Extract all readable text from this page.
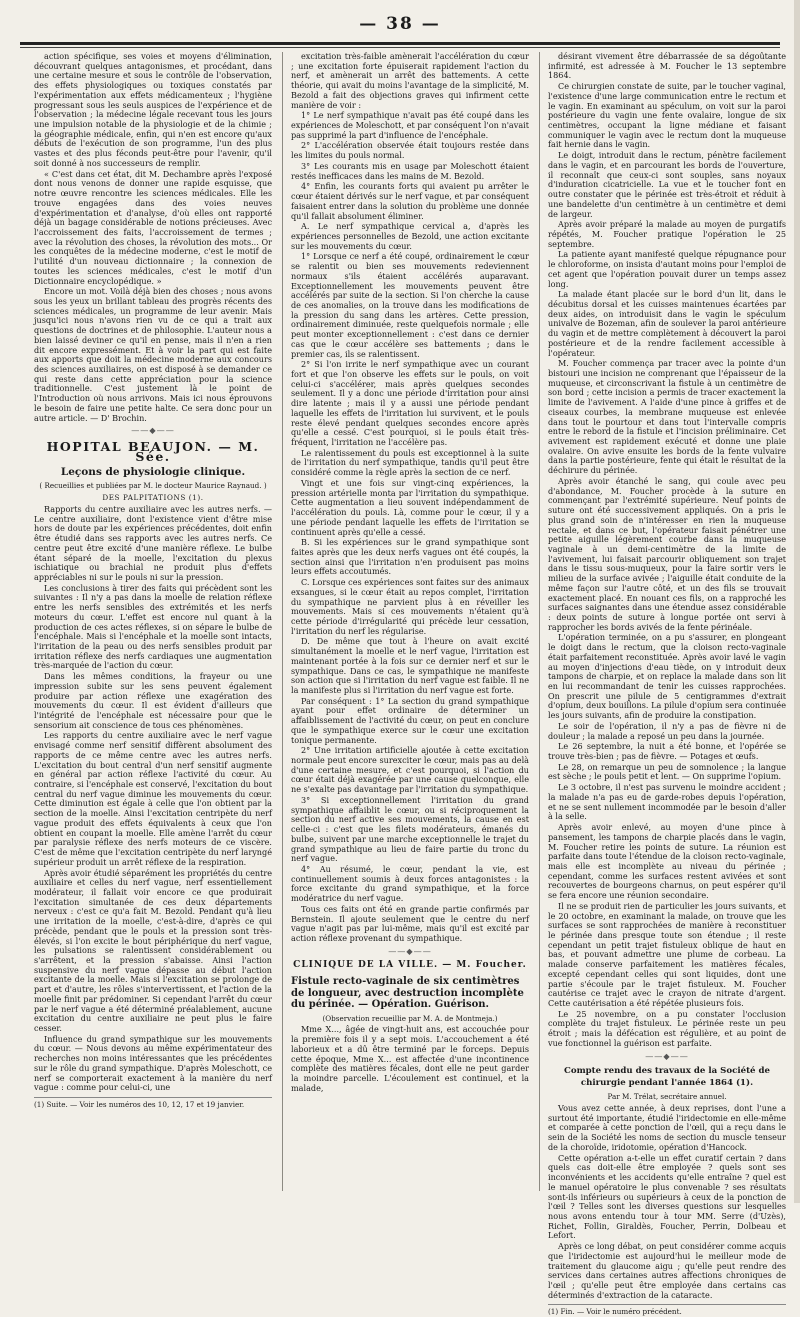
— 38 —

action spécifique, ses voies et moyens d'élimination, découvrant quelques antagonismes, et procédant, dans une certaine mesure et sous le contrôle de l'observation, des effets physiologiques ou toxiques constatés par l'expérimentation aux effets médicamenteux ; l'hygiène progressant sous les seuls auspices de l'expérience et de l'observation ; la médecine légale recevant tous les jours une impulsion notable de la physiologie et de la chimie ; la géographie médicale, enfin, qui n'en est encore qu'aux débuts de l'exécution de son programme, l'un des plus vastes et des plus féconds peut-être pour l'avenir, qu'il soit donné à nos successeurs de remplir.

« C'est dans cet état, dit M. Dechambre après l'exposé dont nous venons de donner une rapide esquisse, que notre œuvre rencontre les sciences médicales. Elle les trouve engagées dans des voies neuves d'expérimentation et d'analyse, d'où elles ont rapporté déjà un bagage considérable de notions précieuses. Avec l'accroissement des faits, l'accroissement de termes ; avec la révolution des choses, la révolution des mots... Or les conquêtes de la médecine moderne, c'est le motif de l'utilité d'un nouveau dictionnaire ; la connexion de toutes les sciences médicales, c'est le motif d'un Dictionnaire encyclopédique. »

Encore un mot. Voilà déjà bien des choses ; nous avons sous les yeux un brillant tableau des progrès récents des sciences médicales, un programme de leur avenir. Mais jusqu'ici nous n'avons rien vu de ce qui a trait aux questions de doctrines et de philosophie. L'auteur nous a bien laissé deviner ce qu'il en pense, mais il n'en a rien dit encore expressément. Et à voir la part qui est faite aux apports que doit la médecine moderne aux concours des sciences auxiliaires, on est disposé à se demander ce qui reste dans cette appréciation pour la science traditionnelle. C'est justement là le point de l'Introduction où nous arrivons. Mais ici nous éprouvons le besoin de faire une petite halte. Ce sera donc pour un autre article. — D' Brochin.

——◆——
HOPITAL BEAUJON. — M. Sée.
Leçons de physiologie clinique.

( Recueillies et publiées par M. le docteur Maurice Raynaud. )

DES PALPITATIONS (1).

Rapports du centre auxiliaire avec les autres nerfs. — Le centre auxiliaire, dont l'existence vient d'être mise hors de doute par les expériences précédentes, doit enfin être étudié dans ses rapports avec les autres nerfs. Ce centre peut être excité d'une manière réflexe. Le bulbe étant séparé de la moelle, l'excitation du plexus ischiatique ou brachial ne produit plus d'effets appréciables ni sur le pouls ni sur la pression.

Les conclusions à tirer des faits qui précèdent sont les suivantes : Il n'y a pas dans la moelle de relation réflexe entre les nerfs sensibles des extrémités et les nerfs moteurs du cœur. L'effet est encore nul quant à la production de ces actes réflexes, si on sépare le bulbe de l'encéphale. Mais si l'encéphale et la moelle sont intacts, l'irritation de la peau ou des nerfs sensibles produit par irritation réflexe des nerfs cardiaques une augmentation très-marquée de l'action du cœur.

Dans les mêmes conditions, la frayeur ou une impression subite sur les sens peuvent également produire par action réflexe une exagération des mouvements du cœur. Il est évident d'ailleurs que l'intégrité de l'encéphale est nécessaire pour que le sensorium ait conscience de tous ces phénomènes.

Les rapports du centre auxiliaire avec le nerf vague envisagé comme nerf sensitif diffèrent absolument des rapports de ce même centre avec les autres nerfs. L'excitation du bout central d'un nerf sensitif augmente en général par action réflexe l'activité du cœur. Au contraire, si l'encéphale est conservé, l'excitation du bout central du nerf vague diminue les mouvements du cœur. Cette diminution est égale à celle que l'on obtient par la section de la moelle. Ainsi l'excitation centripète du nerf vague produit des effets équivalents à ceux que l'on obtient en coupant la moelle. Elle amène l'arrêt du cœur par paralysie réflexe des nerfs moteurs de ce viscère. C'est de même que l'excitation centripète du nerf laryngé supérieur produit un arrêt réflexe de la respiration.

Après avoir étudié séparément les propriétés du centre auxiliaire et celles du nerf vague, nerf essentiellement modérateur, il fallait voir encore ce que produirait l'excitation simultanée de ces deux départements nerveux : c'est ce qu'a fait M. Bezold. Pendant qu'à lieu une irritation de la moelle, c'est-à-dire, d'après ce qui précède, pendant que le pouls et la pression sont très-élevés, si l'on excite le bout périphérique du nerf vague, les pulsations se ralentissent considérablement ou s'arrêtent, et la pression s'abaisse. Ainsi l'action suspensive du nerf vague dépasse au début l'action excitante de la moelle. Mais si l'excitation se prolonge de part et d'autre, les rôles s'intervertissent, et l'action de la moelle finit par prédominer. Si cependant l'arrêt du cœur par le nerf vague a été déterminé préalablement, aucune excitation du centre auxiliaire ne peut plus le faire cesser.

Influence du grand sympathique sur les mouvements du cœur. — Nous devons au même expérimentateur des recherches non moins intéressantes que les précédentes sur le rôle du grand sympathique. D'après Moleschott, ce nerf se comporterait exactement à la manière du nerf vague : comme pour celui-ci, une

(1) Suite. — Voir les numéros des 10, 12, 17 et 19 janvier.

excitation très-faible amènerait l'accélération du cœur ; une excitation forte épuiserait rapidement l'action du nerf, et amènerait un arrêt des battements. A cette théorie, qui avait du moins l'avantage de la simplicité, M. Bezold a fait des objections graves qui infirment cette manière de voir :

1° Le nerf sympathique n'avait pas été coupé dans les expériences de Moleschott, et par conséquent l'on n'avait pas supprimé la part d'influence de l'encéphale.

2° L'accélération observée était toujours restée dans les limites du pouls normal.

3° Les courants mis en usage par Moleschott étaient restés inefficaces dans les mains de M. Bezold.

4° Enfin, les courants forts qui avaient pu arrêter le cœur étaient dérivés sur le nerf vague, et par conséquent faisaient entrer dans la solution du problème une donnée qu'il fallait absolument éliminer.

A. Le nerf sympathique cervical a, d'après les expériences personnelles de Bezold, une action excitante sur les mouvements du cœur.

1° Lorsque ce nerf a été coupé, ordinairement le cœur se ralentit ou bien ses mouvements redeviennent normaux s'ils étaient accélérés auparavant. Exceptionnellement les mouvements peuvent être accélérés par suite de la section. Si l'on cherche la cause de ces anomalies, on la trouve dans les modifications de la pression du sang dans les artères. Cette pression, ordinairement diminuée, reste quelquefois normale ; elle peut monter exceptionnellement : c'est dans ce dernier cas que le cœur accélère ses battements ; dans le premier cas, ils se ralentissent.

2° Si l'on irrite le nerf sympathique avec un courant fort et que l'on observe les effets sur le pouls, on voit celui-ci s'accélérer, mais après quelques secondes seulement. Il y a donc une période d'irritation pour ainsi dire latente ; mais il y a aussi une période pendant laquelle les effets de l'irritation lui survivent, et le pouls reste élevé pendant quelques secondes encore après qu'elle a cessé. C'est pourquoi, si le pouls était très-fréquent, l'irritation ne l'accélère pas.

Le ralentissement du pouls est exceptionnel à la suite de l'irritation du nerf sympathique, tandis qu'il peut être considéré comme la règle après la section de ce nerf.

Vingt et une fois sur vingt-cinq expériences, la pression artérielle monta par l'irritation du sympathique. Cette augmentation a lieu souvent indépendamment de l'accélération du pouls. Là, comme pour le cœur, il y a une période pendant laquelle les effets de l'irritation se continuent après qu'elle a cessé.

B. Si les expériences sur le grand sympathique sont faites après que les deux nerfs vagues ont été coupés, la section ainsi que l'irritation n'en produisent pas moins leurs effets accoutumés.

C. Lorsque ces expériences sont faites sur des animaux exsangues, si le cœur était au repos complet, l'irritation du sympathique ne parvient plus à en réveiller les mouvements. Mais si ces mouvements n'étaient qu'à cette période d'irrégularité qui précède leur cessation, l'irritation du nerf les régularise.

D. De même que tout à l'heure on avait excité simultanément la moelle et le nerf vague, l'irritation est maintenant portée à la fois sur ce dernier nerf et sur le sympathique. Dans ce cas, le sympathique ne manifeste son action que si l'irritation du nerf vague est faible. Il ne la manifeste plus si l'irritation du nerf vague est forte.

Par conséquent : 1° La section du grand sympathique ayant pour effet ordinaire de déterminer un affaiblissement de l'activité du cœur, on peut en conclure que le sympathique exerce sur le cœur une excitation tonique permanente.

2° Une irritation artificielle ajoutée à cette excitation normale peut encore surexciter le cœur, mais pas au delà d'une certaine mesure, et c'est pourquoi, si l'action du cœur était déjà exagérée par une cause quelconque, elle ne s'exalte pas davantage par l'irritation du sympathique.

3° Si exceptionnellement l'irritation du grand sympathique affaiblit le cœur, ou si réciproquement la section du nerf active ses mouvements, la cause en est celle-ci : c'est que les filets modérateurs, émanés du bulbe, suivent par une marche exceptionnelle le trajet du grand sympathique au lieu de faire partie du tronc du nerf vague.

4° Au résumé, le cœur, pendant la vie, est continuellement soumis à deux forces antagonistes : la force excitante du grand sympathique, et la force modératrice du nerf vague.

Tous ces faits ont été en grande partie confirmés par Bernstein. Il ajoute seulement que le centre du nerf vague n'agit pas par lui-même, mais qu'il est excité par action réflexe provenant du sympathique.

——◆——

CLINIQUE DE LA VILLE. — M. Foucher.

Fistule recto-vaginale de six centimètres de longueur, avec destruction incomplète du périnée. — Opération. Guérison.

(Observation recueillie par M. A. de Montmeja.)

Mme X..., âgée de vingt-huit ans, est accouchée pour la première fois il y a sept mois. L'accouchement a été laborieux et a dû être terminé par le forceps. Depuis cette époque, Mme X... est affectée d'une incontinence complète des matières fécales, dont elle ne peut garder la moindre parcelle. L'écoulement est continuel, et la malade,

désirant vivement être débarrassée de sa dégoûtante infirmité, est adressée à M. Foucher le 13 septembre 1864.

Ce chirurgien constate de suite, par le toucher vaginal, l'existence d'une large communication entre le rectum et le vagin. En examinant au spéculum, on voit sur la paroi postérieure du vagin une fente ovalaire, longue de six centimètres, occupant la ligne médiane et faisant communiquer le vagin avec le rectum dont la muqueuse fait hernie dans le vagin.

Le doigt, introduit dans le rectum, pénètre facilement dans le vagin, et en parcourant les bords de l'ouverture, il reconnaît que ceux-ci sont souples, sans noyaux d'induration cicatricielle. La vue et le toucher font en outre constater que le périnée est très-étroit et réduit à une bandelette d'un centimètre à un centimètre et demi de largeur.

Après avoir préparé la malade au moyen de purgatifs répétés, M. Foucher pratique l'opération le 25 septembre.

La patiente ayant manifesté quelque répugnance pour le chloroforme, on insista d'autant moins pour l'emploi de cet agent que l'opération pouvait durer un temps assez long.

La malade étant placée sur le bord d'un lit, dans le décubitus dorsal et les cuisses maintenues écartées par deux aides, on introduisit dans le vagin le spéculum univalve de Bozeman, afin de soulever la paroi antérieure du vagin et de mettre complètement à découvert la paroi postérieure et de la rendre facilement accessible à l'opérateur.

M. Foucher commença par tracer avec la pointe d'un bistouri une incision ne comprenant que l'épaisseur de la muqueuse, et circonscrivant la fistule à un centimètre de son bord ; cette incision a permis de tracer exactement la limite de l'avivement. A l'aide d'une pince à griffes et de ciseaux courbes, la membrane muqueuse est enlevée dans tout le pourtour et dans tout l'intervalle compris entre le rebord de la fistule et l'incision préliminaire. Cet avivement est rapidement exécuté et donne une plaie ovalaire. On avive ensuite les bords de la fente vulvaire dans la partie postérieure, fente qui était le résultat de la déchirure du périnée.

Après avoir étanché le sang, qui coule avec peu d'abondance, M. Foucher procède à la suture en commençant par l'extrémité supérieure. Neuf points de suture ont été successivement appliqués. On a pris le plus grand soin de n'intéresser en rien la muqueuse rectale, et dans ce but, l'opérateur faisait pénétrer une petite aiguille légèrement courbe dans la muqueuse vaginale à un demi-centimètre de la limite de l'avivement, lui faisait parcourir obliquement son trajet dans le tissu sous-muqueux, pour la faire sortir vers le milieu de la surface avivée ; l'aiguille était conduite de la même façon sur l'autre côté, et un des fils se trouvait exactement placé. En nouant ces fils, on a rapproché les surfaces saignantes dans une étendue assez considérable : deux points de suture à longue portée ont servi à rapprocher les bords avivés de la fente périnéale.

L'opération terminée, on a pu s'assurer, en plongeant le doigt dans le rectum, que la cloison recto-vaginale était parfaitement reconstituée. Après avoir lavé le vagin au moyen d'injections d'eau tiède, on y introduit deux tampons de charpie, et on replace la malade dans son lit en lui recommandant de tenir les cuisses rapprochées. On prescrit une pilule de 5 centigrammes d'extrait d'opium, deux bouillons. La pilule d'opium sera continuée les jours suivants, afin de produire la constipation.

Le soir de l'opération, il n'y a pas de fièvre ni de douleur ; la malade a reposé un peu dans la journée.

Le 26 septembre, la nuit a été bonne, et l'opérée se trouve très-bien ; pas de fièvre. — Potages et œufs.

Le 28, on remarque un peu de somnolence ; la langue est sèche ; le pouls petit et lent. — On supprime l'opium.

Le 3 octobre, il n'est pas survenu le moindre accident ; la malade n'a pas eu de garde-robes depuis l'opération, et ne se sent nullement incommodée par le besoin d'aller à la selle.

Après avoir enlevé, au moyen d'une pince à pansement, les tampons de charpie placés dans le vagin, M. Foucher retire les points de suture. La réunion est parfaite dans toute l'étendue de la cloison recto-vaginale, mais elle est incomplète au niveau du périnée ; cependant, comme les surfaces restent avivées et sont recouvertes de bourgeons charnus, on peut espérer qu'il se fera encore une réunion secondaire.

Il ne se produit rien de particulier les jours suivants, et le 20 octobre, en examinant la malade, on trouve que les surfaces se sont rapprochées de manière à reconstituer le périnée dans presque toute son étendue ; il reste cependant un petit trajet fistuleux oblique de haut en bas, et pouvant admettre une plume de corbeau. La malade conserve parfaitement les matières fécales, excepté cependant celles qui sont liquides, dont une partie s'écoule par le trajet fistuleux. M. Foucher cautérise ce trajet avec le crayon de nitrate d'argent. Cette cautérisation a été répétée plusieurs fois.

Le 25 novembre, on a pu constater l'occlusion complète du trajet fistuleux. Le périnée reste un peu étroit ; mais la défécation est régulière, et au point de vue fonctionnel la guérison est parfaite.

——◆——

Compte rendu des travaux de la Société de chirurgie pendant l'année 1864 (1).

Par M. Trélat, secrétaire annuel.

Vous avez cette année, à deux reprises, dont l'une a surtout été importante, étudié l'iridectomie en elle-même et comparée à cette ponction de l'œil, qui a reçu dans le sein de la Société les noms de section du muscle tenseur de la choroïde, iridotomie, opération d'Hancock.

Cette opération a-t-elle un effet curatif certain ? dans quels cas doit-elle être employée ? quels sont ses inconvénients et les accidents qu'elle entraîne ? quel est le manuel opératoire le plus convenable ? ses résultats sont-ils inférieurs ou supérieurs à ceux de la ponction de l'œil ? Telles sont les diverses questions sur lesquelles nous avons entendu tour à tour MM. Serre (d'Uzès), Richet, Follin, Giraldès, Foucher, Perrin, Dolbeau et Lefort.

Après ce long débat, on peut considérer comme acquis que l'iridectomie est aujourd'hui le meilleur mode de traitement du glaucome aigu ; qu'elle peut rendre des services dans certaines autres affections chroniques de l'œil ; qu'elle peut être employée dans certains cas déterminés d'extraction de la cataracte.

(1) Fin. — Voir le numéro précédent.
